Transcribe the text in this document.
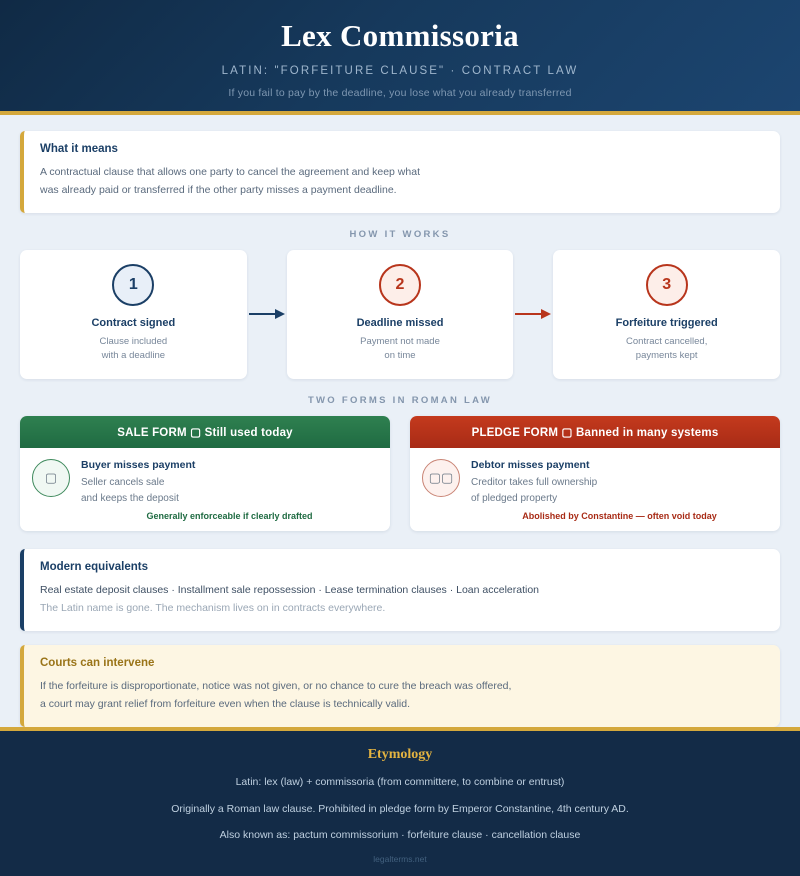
Lex Commissoria
LATIN: "FORFEITURE CLAUSE" · CONTRACT LAW
If you fail to pay by the deadline, you lose what you already transferred
What it means
A contractual clause that allows one party to cancel the agreement and keep what
was already paid or transferred if the other party misses a payment deadline.
HOW IT WORKS
1
Contract signed
Clause included
with a deadline
2
Deadline missed
Payment not made
on time
3
Forfeiture triggered
Contract cancelled,
payments kept
TWO FORMS IN ROMAN LAW
SALE FORM ▢ Still used today
▢
Buyer misses payment
Seller cancels sale
and keeps the deposit
Generally enforceable if clearly drafted
PLEDGE FORM ▢ Banned in many systems
▢▢
Debtor misses payment
Creditor takes full ownership
of pledged property
Abolished by Constantine — often void today
Modern equivalents
Real estate deposit clauses · Installment sale repossession · Lease termination clauses · Loan acceleration
The Latin name is gone. The mechanism lives on in contracts everywhere.
Courts can intervene
If the forfeiture is disproportionate, notice was not given, or no chance to cure the breach was offered,
a court may grant relief from forfeiture even when the clause is technically valid.
Etymology
Latin: lex (law) + commissoria (from committere, to combine or entrust)
Originally a Roman law clause. Prohibited in pledge form by Emperor Constantine, 4th century AD.
Also known as: pactum commissorium · forfeiture clause · cancellation clause
legalterms.net
